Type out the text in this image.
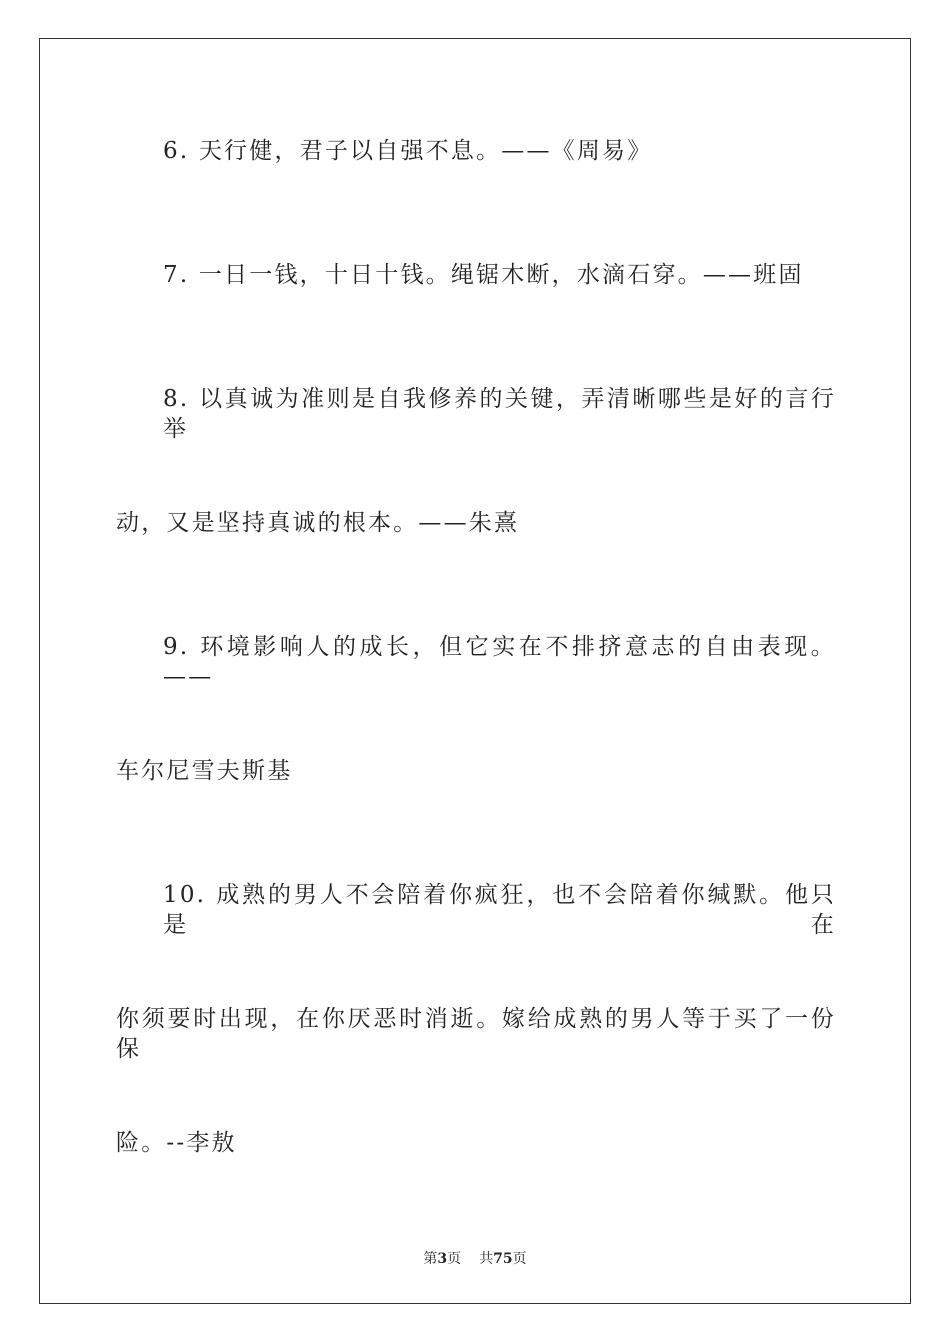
6. 天行健，君子以自强不息。——《周易》
7. 一日一钱，十日十钱。绳锯木断，水滴石穿。——班固
8. 以真诚为准则是自我修养的关键，弄清晰哪些是好的言行举
动，又是坚持真诚的根本。——朱熹
9. 环境影响人的成长，但它实在不排挤意志的自由表现。——
车尔尼雪夫斯基
10. 成熟的男人不会陪着你疯狂，也不会陪着你缄默。他只是在
你须要时出现，在你厌恶时消逝。嫁给成熟的男人等于买了一份保
险。--李敖
第3页 共75页
